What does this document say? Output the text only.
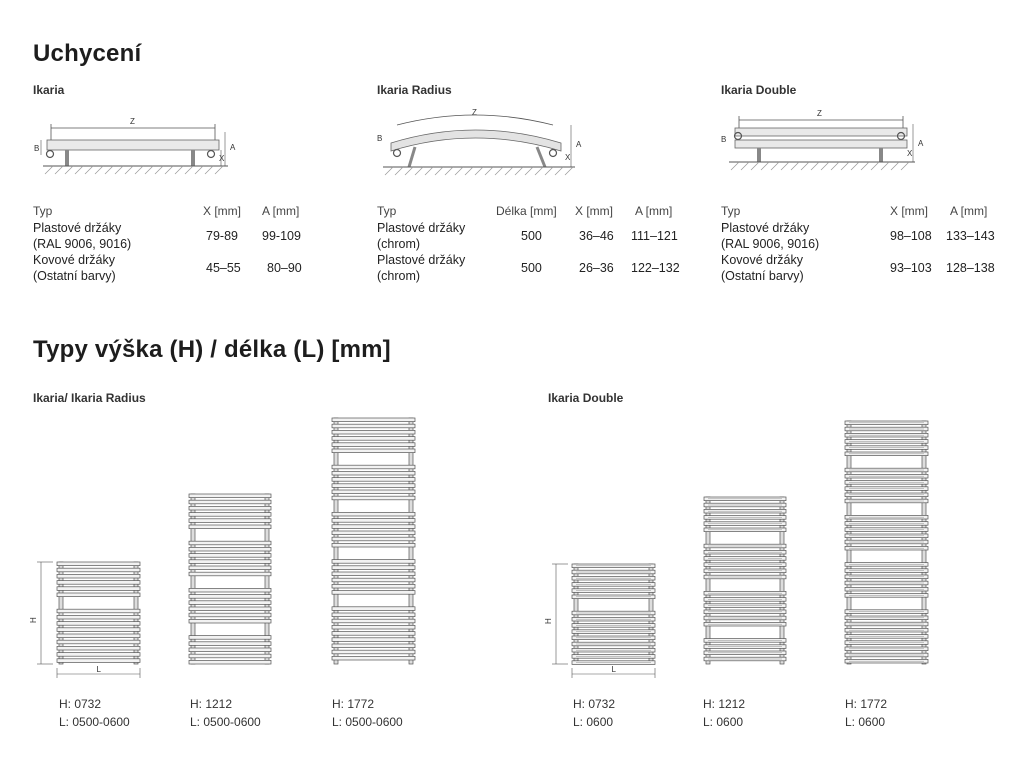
Uchycení
Ikaria
Z
B	A
X
Typ	X [mm] A [mm]
Plastové držáky
(RAL 9006, 9016)
79-89 99-109
Kovové držáky
(Ostatní barvy)
45–55 80–90
Ikaria Radius
Z
B
A
X
Typ	Délka [mm] X [mm] A [mm]
Plastové držáky
(chrom)
500	36–46 111–121
Plastové držáky
(chrom)
500	26–36 122–132
Ikaria Double
Z
B	A
X
Typ	X [mm] A [mm]
Plastové držáky
(RAL 9006, 9016)
98–108 133–143
Kovové držáky
(Ostatní barvy)
93–103 128–138
Typy výška (H) / délka (L) [mm]
Ikaria/ Ikaria Radius	Ikaria Double
H
L
H
L
H: 0732
L: 0500-0600
H: 1212
L: 0500-0600
H: 1772
L: 0500-0600
H: 0732
L: 0600
H: 1212
L: 0600
H: 1772
L: 0600
